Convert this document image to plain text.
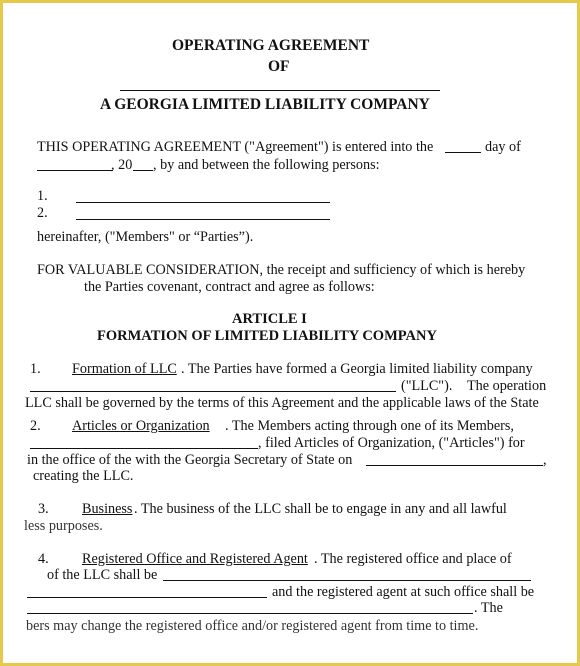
OPERATING AGREEMENT
OF
A GEORGIA LIMITED LIABILITY COMPANY
THIS OPERATING AGREEMENT ("Agreement") is entered into the	day of
, 20 , by and between the following persons:
1.
2.
hereinafter, ("Members" or “Parties”).
FOR VALUABLE CONSIDERATION, the receipt and sufficiency of which is hereby
the Parties covenant, contract and agree as follows:
ARTICLE I
FORMATION OF LIMITED LIABILITY COMPANY
1. Formation of LLC . The Parties have formed a Georgia limited liability company
("LLC"). The operation
LLC shall be governed by the terms of this Agreement and the applicable laws of the State
2. Articles or Organization . The Members acting through one of its Members,
, filed Articles of Organization, ("Articles") for
in the office of the with the Georgia Secretary of State on	,
creating the LLC.
3. Business . The business of the LLC shall be to engage in any and all lawful
less purposes.
4. Registered Office and Registered Agent . The registered office and place of
of the LLC shall be
and the registered agent at such office shall be
. The
bers may change the registered office and/or registered agent from time to time.
